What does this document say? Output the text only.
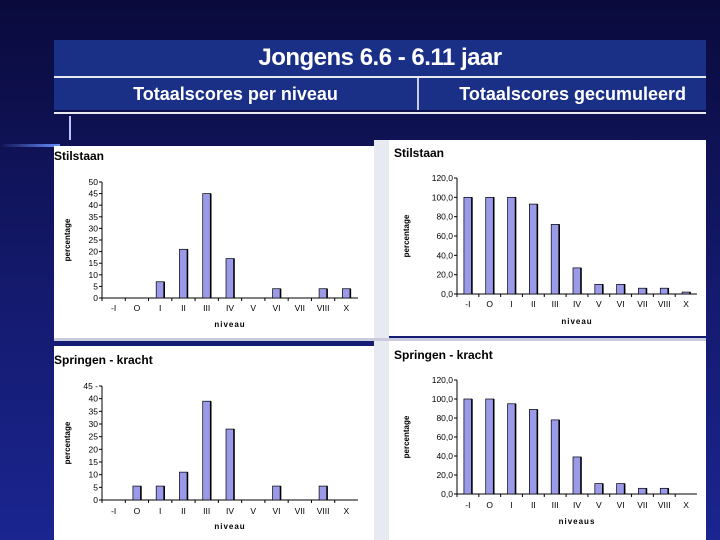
Jongens 6.6 - 6.11 jaar
Totaalscores per niveau	Totaalscores gecumuleerd
Stilstaan
0
5
10
15
20
25
30
35
40
45
50
-I O I II III IV V VI VII VIII X
percentage
niveau
Stilstaan
0,0
20,0
40,0
60,0
80,0
100,0
120,0
-I O I II III IV V VI VII VIII X
percentage
niveau
Springen - kracht
0
5
10
15
20
25
30
35
40
45 -
-I O I II III IV V VI VII VIII X
percentage
niveau
Springen - kracht
0,0
20,0
40,0
60,0
80,0
100,0
120,0
-I O I II III IV V VI VII VIII X
percentage
niveaus
